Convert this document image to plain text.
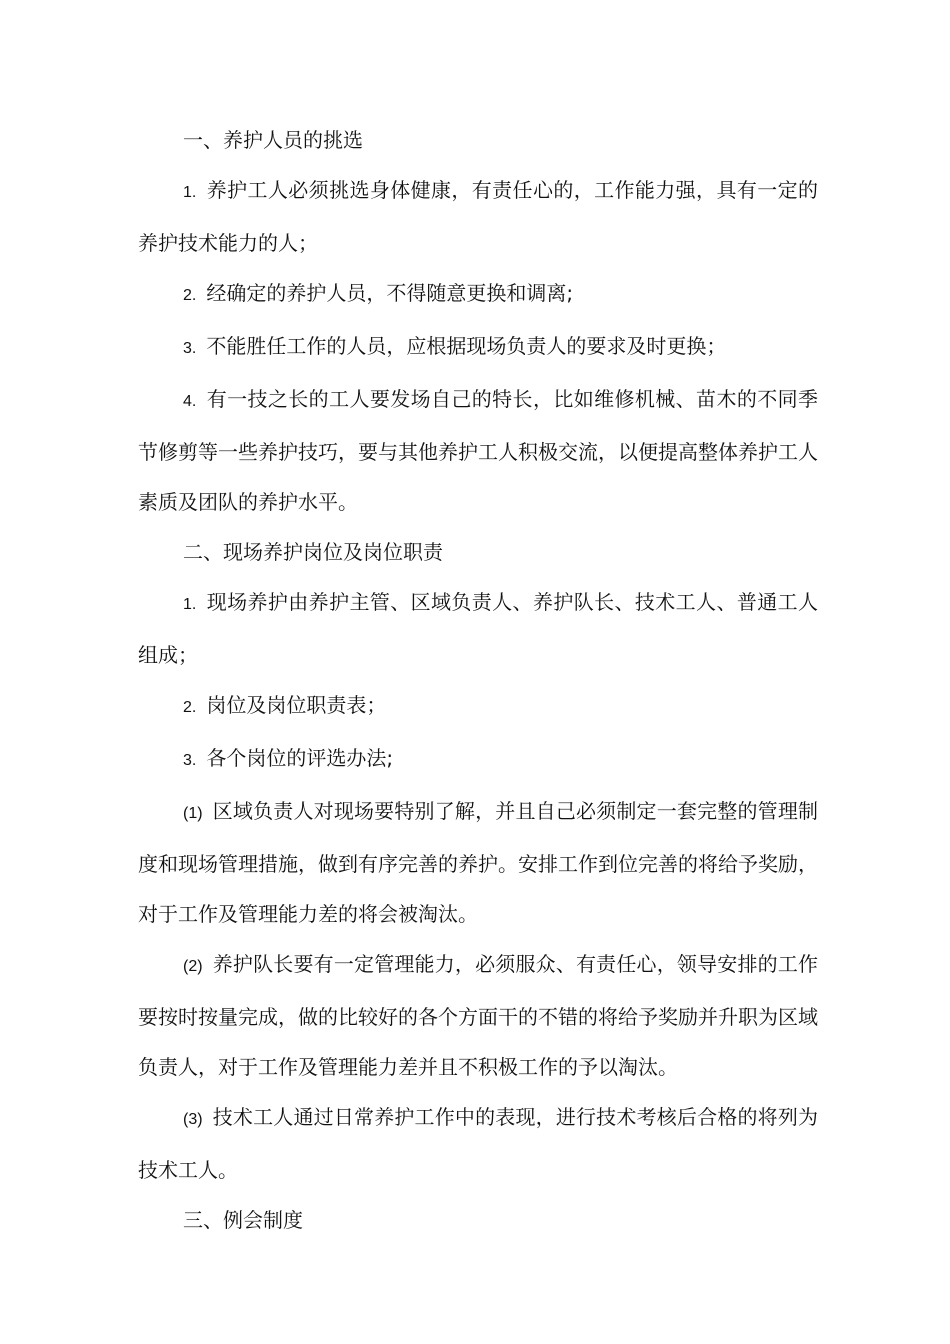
一、养护人员的挑选

1. 养护工人必须挑选身体健康，有责任心的，工作能力强，具有一定的养护技术能力的人；

2. 经确定的养护人员，不得随意更换和调离;

3. 不能胜任工作的人员，应根据现场负责人的要求及时更换；

4. 有一技之长的工人要发场自己的特长，比如维修机械、苗木的不同季节修剪等一些养护技巧，要与其他养护工人积极交流，以便提高整体养护工人素质及团队的养护水平。

二、现场养护岗位及岗位职责

1. 现场养护由养护主管、区域负责人、养护队长、技术工人、普通工人组成；

2. 岗位及岗位职责表；

3. 各个岗位的评选办法;

(1) 区域负责人对现场要特别了解，并且自己必须制定一套完整的管理制度和现场管理措施，做到有序完善的养护。安排工作到位完善的将给予奖励，对于工作及管理能力差的将会被淘汰。

(2) 养护队长要有一定管理能力，必须服众、有责任心，领导安排的工作要按时按量完成，做的比较好的各个方面干的不错的将给予奖励并升职为区域负责人，对于工作及管理能力差并且不积极工作的予以淘汰。

(3) 技术工人通过日常养护工作中的表现，进行技术考核后合格的将列为技术工人。

三、例会制度
